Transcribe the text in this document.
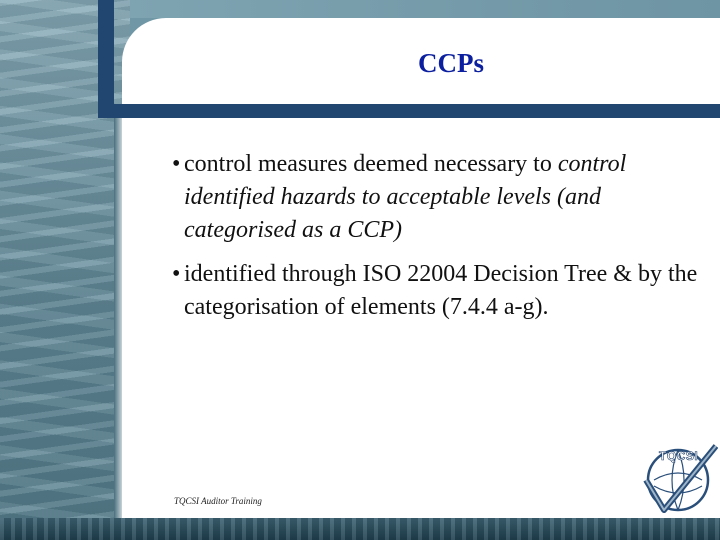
CCPs
• control measures deemed necessary to control identified hazards to acceptable levels (and categorised as a CCP)
• identified through ISO 22004 Decision Tree & by the categorisation of elements (7.4.4 a-g).
TQCSI Auditor Training
TQCSI
